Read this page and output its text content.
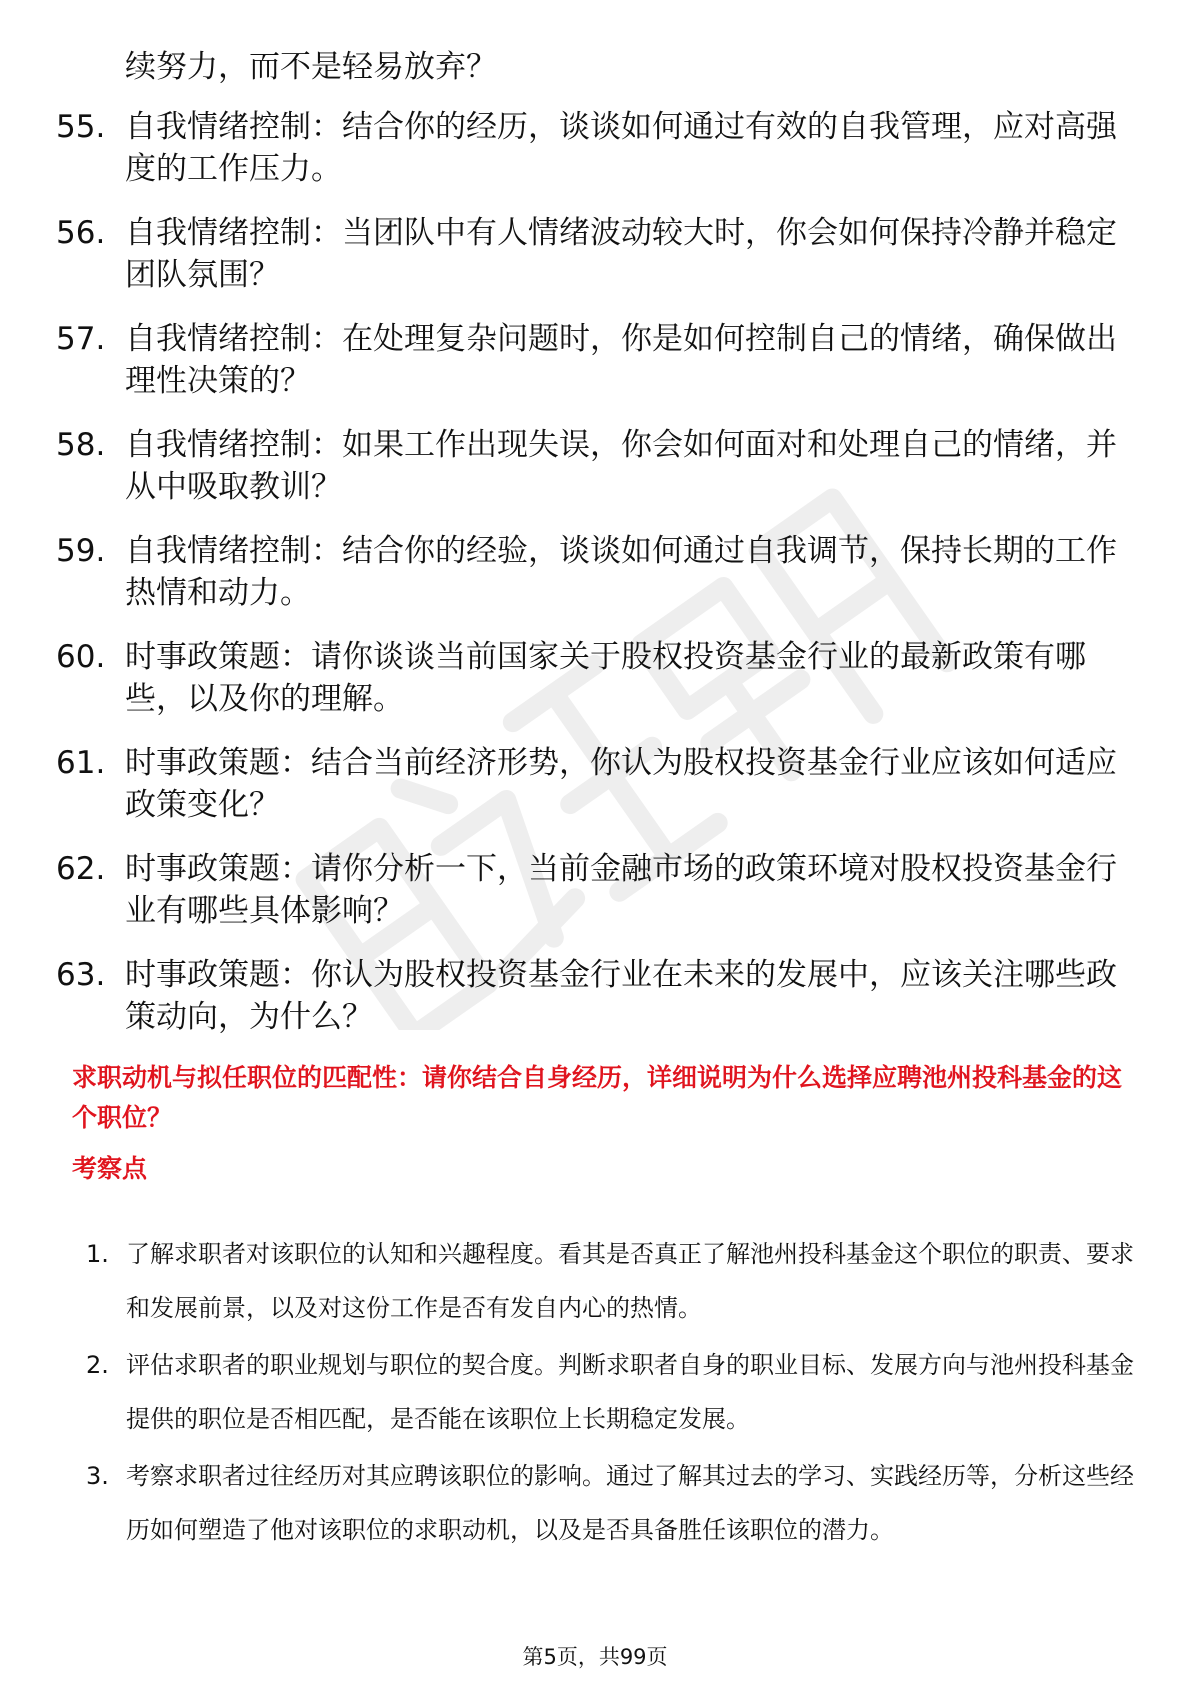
续努力，而不是轻易放弃？
55. 自我情绪控制：结合你的经历，谈谈如何通过有效的自我管理，应对高强度的工作压力。
56. 自我情绪控制：当团队中有人情绪波动较大时，你会如何保持冷静并稳定团队氛围？
57. 自我情绪控制：在处理复杂问题时，你是如何控制自己的情绪，确保做出理性决策的？
58. 自我情绪控制：如果工作出现失误，你会如何面对和处理自己的情绪，并从中吸取教训？
59. 自我情绪控制：结合你的经验，谈谈如何通过自我调节，保持长期的工作热情和动力。
60. 时事政策题：请你谈谈当前国家关于股权投资基金行业的最新政策有哪些，以及你的理解。
61. 时事政策题：结合当前经济形势，你认为股权投资基金行业应该如何适应政策变化？
62. 时事政策题：请你分析一下，当前金融市场的政策环境对股权投资基金行业有哪些具体影响？
63. 时事政策题：你认为股权投资基金行业在未来的发展中，应该关注哪些政策动向，为什么？
求职动机与拟任职位的匹配性：请你结合自身经历，详细说明为什么选择应聘池州投科基金的这个职位？
考察点
1. 了解求职者对该职位的认知和兴趣程度。看其是否真正了解池州投科基金这个职位的职责、要求和发展前景，以及对这份工作是否有发自内心的热情。
2. 评估求职者的职业规划与职位的契合度。判断求职者自身的职业目标、发展方向与池州投科基金提供的职位是否相匹配，是否能在该职位上长期稳定发展。
3. 考察求职者过往经历对其应聘该职位的影响。通过了解其过去的学习、实践经历等，分析这些经历如何塑造了他对该职位的求职动机，以及是否具备胜任该职位的潜力。
第5页，共99页
